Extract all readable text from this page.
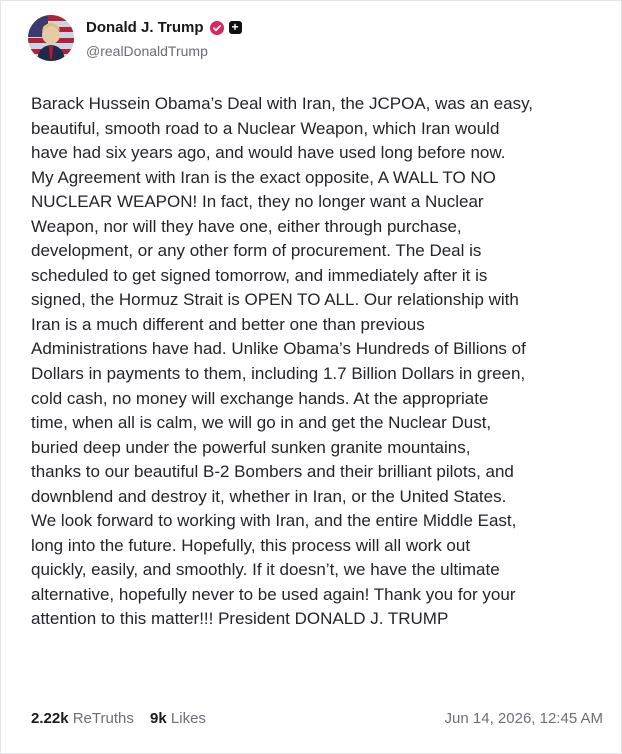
Donald J. Trump +
@realDonaldTrump

Barack Hussein Obama’s Deal with Iran, the JCPOA, was an easy,
beautiful, smooth road to a Nuclear Weapon, which Iran would
have had six years ago, and would have used long before now.
My Agreement with Iran is the exact opposite, A WALL TO NO
NUCLEAR WEAPON! In fact, they no longer want a Nuclear
Weapon, nor will they have one, either through purchase,
development, or any other form of procurement. The Deal is
scheduled to get signed tomorrow, and immediately after it is
signed, the Hormuz Strait is OPEN TO ALL. Our relationship with
Iran is a much different and better one than previous
Administrations have had. Unlike Obama’s Hundreds of Billions of
Dollars in payments to them, including 1.7 Billion Dollars in green,
cold cash, no money will exchange hands. At the appropriate
time, when all is calm, we will go in and get the Nuclear Dust,
buried deep under the powerful sunken granite mountains,
thanks to our beautiful B-2 Bombers and their brilliant pilots, and
downblend and destroy it, whether in Iran, or the United States.
We look forward to working with Iran, and the entire Middle East,
long into the future. Hopefully, this process will all work out
quickly, easily, and smoothly. If it doesn’t, we have the ultimate
alternative, hopefully never to be used again! Thank you for your
attention to this matter!!! President DONALD J. TRUMP

2.22k ReTruths 9k Likes	Jun 14, 2026, 12:45 AM
